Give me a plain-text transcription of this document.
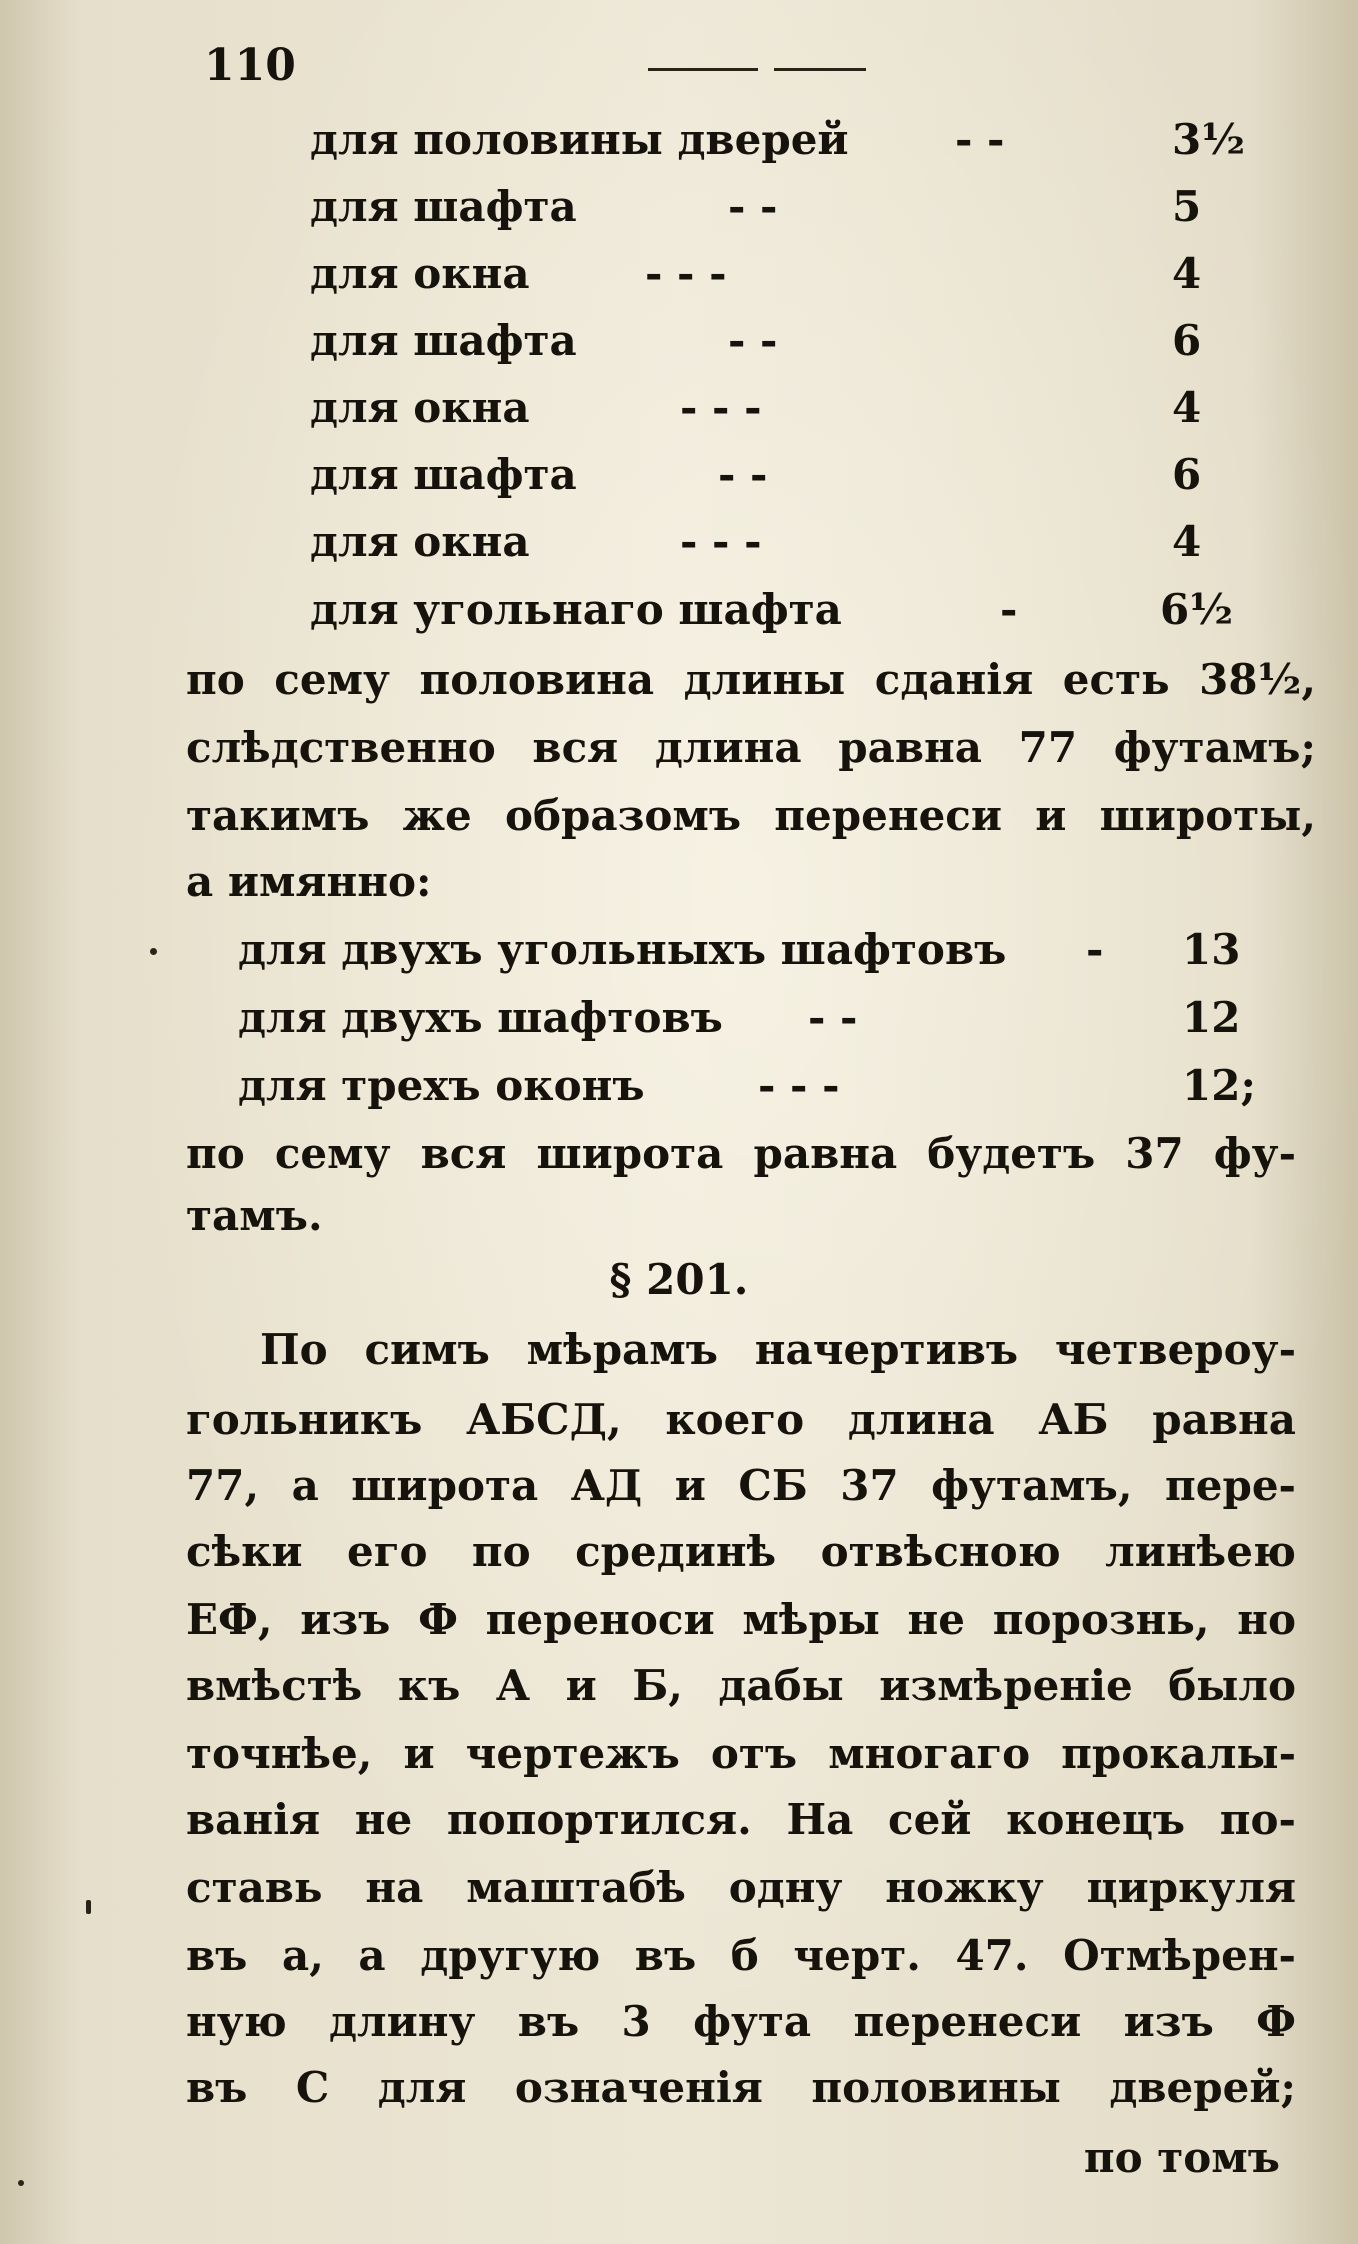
110
для половины дверей	- -	3½
для шафта	- -	5
для окна	- - -	4
для шафта	- -	6
для окна	- - -	4
для шафта	- -	6
для окна	- - -	4
для угольнаго шафта	-	6½
по сему половина длины сданія есть 38½,
слѣдственно вся длина равна 77 футамъ;
такимъ же образомъ перенеси и широты,
а имянно:
для двухъ угольныхъ шафтовъ - 13
для двухъ шафтовъ - -	12
для трехъ оконъ	- - -	12;
по сему вся широта равна будетъ 37 фу-
тамъ.
§ 201.
По симъ мѣрамъ начертивъ четвероу-
гольникъ АБСД, коего длина АБ равна
77, а широта АД и СБ 37 футамъ, пере-
сѣки его по срединѣ отвѣсною линѣею
ЕФ, изъ Ф переноси мѣры не порознь, но
вмѣстѣ къ А и Б, дабы измѣреніе было
точнѣе, и чертежъ отъ многаго прокалы-
ванія не попортился. На сей конецъ по-
ставь на маштабѣ одну ножку циркуля
въ а, а другую въ б черт. 47. Отмѣрен-
ную длину въ 3 фута перенеси изъ Ф
въ С для означенія половины дверей;
по томъ
